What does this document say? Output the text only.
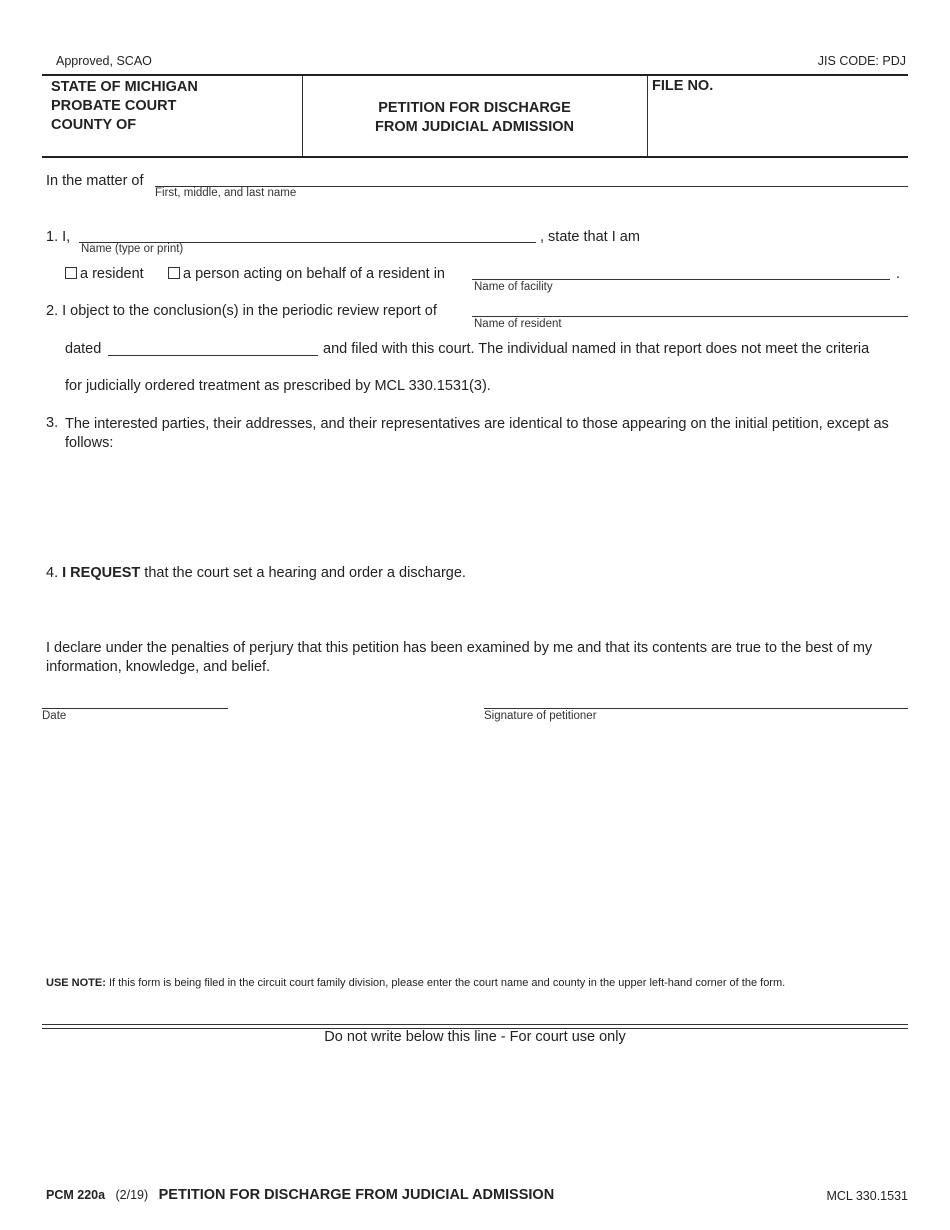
Approved, SCAO	JIS CODE: PDJ
STATE OF MICHIGAN
PROBATE COURT
COUNTY OF
PETITION FOR DISCHARGE
FROM JUDICIAL ADMISSION
FILE NO.
In the matter of
First, middle, and last name
1. I,
Name (type or print)
, state that I am
a resident	a person acting on behalf of a resident in
Name of facility
.
2. I object to the conclusion(s) in the periodic review report of
Name of resident
dated	and filed with this court. The individual named in that report does not meet the criteria
for judicially ordered treatment as prescribed by MCL 330.1531(3).
3. The interested parties, their addresses, and their representatives are identical to those appearing on the initial petition, except as follows:
4. I REQUEST that the court set a hearing and order a discharge.
I declare under the penalties of perjury that this petition has been examined by me and that its contents are true to the best of my information, knowledge, and belief.
Date	Signature of petitioner
USE NOTE: If this form is being filed in the circuit court family division, please enter the court name and county in the upper left-hand corner of the form.
Do not write below this line - For court use only
PCM 220a (2/19) PETITION FOR DISCHARGE FROM JUDICIAL ADMISSION	MCL 330.1531
